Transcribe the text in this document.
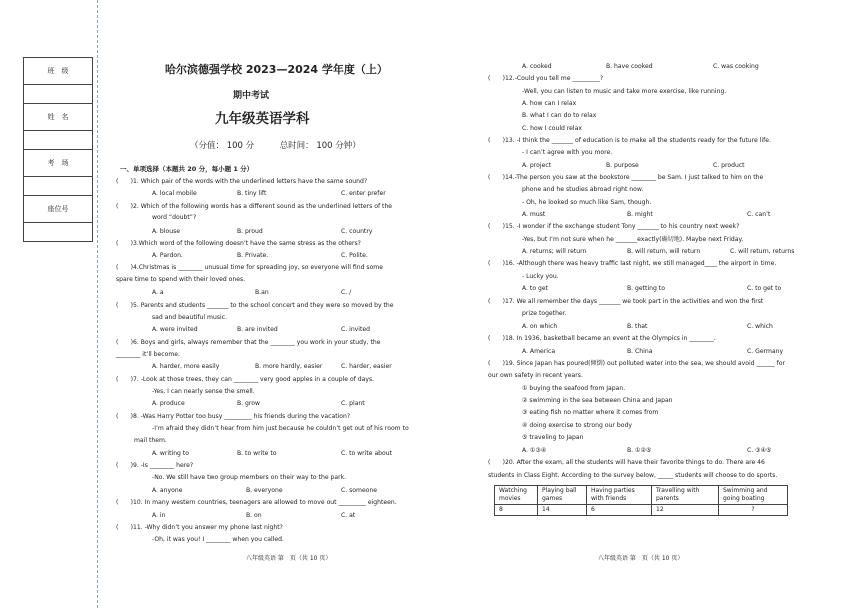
班　级

姓　名

考　场

座位号

哈尔滨德强学校 2023—2024 学年度（上）
期中考试
九年级英语学科
（分值： 100 分　　　总时间： 100 分钟）
一、单项选择（本题共 20 分，每小题 1 分）
(　　)1. Which pair of the words with the underlined letters have the same sound?
A. local mobile	B. tiny lift	C. enter prefer
(　　)2. Which of the following words has a different sound as the underlined letters of the
word “doubt”?
A. blouse	B. proud	C. country
(　　)3.Which word of the following doesn’t have the same stress as the others?
A. Pardon.	B. Private.	C. Polite.
(　　)4.Christmas is ________ unusual time for spreading joy, so everyone will find some
spare time to spend with their loved ones.
A. a	B.an	C. /
(　　)5. Parents and students _______ to the school concert and they were so moved by the
sad and beautiful music.
A. were invited	B. are invited	C. invited
(　　)6. Boys and girls, always remember that the ________ you work in your study, the
________ it’ll become.
A. harder, more easily	B. more hardly, easier	C. harder, easier
(　　)7. -Look at those trees, they can ________ very good apples in a couple of days.
-Yes, I can nearly sense the smell.
A. produce	B. grow	C. plant
(　　)8. -Was Harry Potter too busy _________ his friends during the vacation?
-I’m afraid they didn’t hear from him just because he couldn’t get out of his room to
mail them.
A. writing to	B. to write to	C. to write about
(　　)9. -Is ________ here?
-No. We still have two group members on their way to the park.
A. anyone	B. everyone	C. someone
(　　)10. In many western countries, teenagers are allowed to move out _________ eighteen.
A. in	B. on	C. at
(　　)11. -Why didn’t you answer my phone last night?
-Oh, it was you! I ________ when you called.
A. cooked	B. have cooked	C. was cooking
(　　)12.-Could you tell me _________?
-Well, you can listen to music and take more exercise, like running.
A. how can I relax
B. what I can do to relax
C. how I could relax
(　　)13. -I think the _______ of education is to make all the students ready for the future life.
- I can’t agree with you more.
A. project	B. purpose	C. product
(　　)14.-The person you saw at the bookstore ________ be Sam. I just talked to him on the
phone and he studies abroad right now.
- Oh, he looked so much like Sam, though.
A. must	B. might	C. can’t
(　　)15. -I wonder if the exchange student Tony _______ to his country next week?
-Yes, but I’m not sure when he _______exactly(确切地). Maybe next Friday.
A. returns; will return	B. will return, will return	C. will return, returns
(　　)16. -Although there was heavy traffic last night, we still managed____ the airport in time.
- Lucky you.
A. to get	B. getting to	C. to get to
(　　)17. We all remember the days _______ we took part in the activities and won the first
prize together.
A. on which	B. that	C. which
(　　)18. In 1936, basketball became an event at the Olympics in ________.
A. America	B. China	C. Germany
(　　)19. Since Japan has poured(倾倒) out polluted water into the sea, we should avoid ______ for
our own safety in recent years.
① buying the seafood from Japan.
② swimming in the sea between China and Japan
③ eating fish no matter where it comes from
④ doing exercise to strong our body
⑤ traveling to Japan
A. ①③④	B. ①②⑤	C. ③④⑤
(　　)20. After the exam, all the students will have their favorite things to do. There are 46
students in Class Eight. According to the survey below, _____ students will choose to do sports.
Watching movies	Playing ball games	Having parties with friends	Travelling with parents	Swimming and going boating
8	14	6	12	?
八年级英语 第　页（共 10 页）	八年级英语 第　页（共 10 页）
